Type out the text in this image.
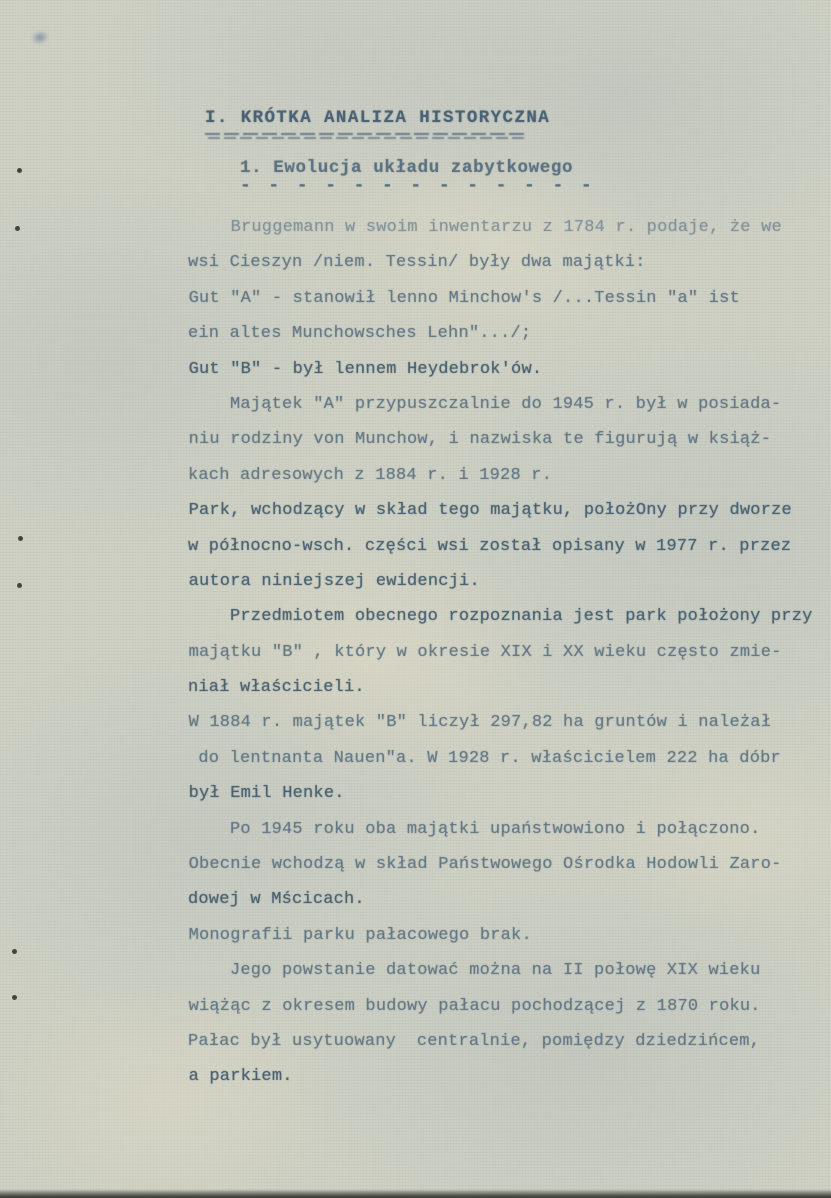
I. KRÓTKA ANALIZA HISTORYCZNA
1. Ewolucja układu zabytkowego
- - - - - - - - - - - - -
Bruggemann w swoim inwentarzu z 1784 r. podaje, że we
wsi Cieszyn /niem. Tessin/ były dwa majątki:
Gut "A" - stanowił lenno Minchow's /...Tessin "a" ist
ein altes Munchowsches Lehn".../;
Gut "B" - był lennem Heydebrok'ów.
Majątek "A" przypuszczalnie do 1945 r. był w posiada-
niu rodziny von Munchow, i nazwiska te figurują w książ-
kach adresowych z 1884 r. i 1928 r.
Park, wchodzący w skład tego majątku, położOny przy dworze
w północno-wsch. części wsi został opisany w 1977 r. przez
autora niniejszej ewidencji.
Przedmiotem obecnego rozpoznania jest park położony przy
majątku "B" , który w okresie XIX i XX wieku często zmie-
niał właścicieli.
W 1884 r. majątek "B" liczył 297,82 ha gruntów i należał
do lentnanta Nauen"a. W 1928 r. właścicielem 222 ha dóbr
był Emil Henke.
Po 1945 roku oba majątki upaństwowiono i połączono.
Obecnie wchodzą w skład Państwowego Ośrodka Hodowli Zaro-
dowej w Mścicach.
Monografii parku pałacowego brak.
Jego powstanie datować można na II połowę XIX wieku
wiążąc z okresem budowy pałacu pochodzącej z 1870 roku.
Pałac był usytuowany  centralnie, pomiędzy dziedzińcem,
a parkiem.
